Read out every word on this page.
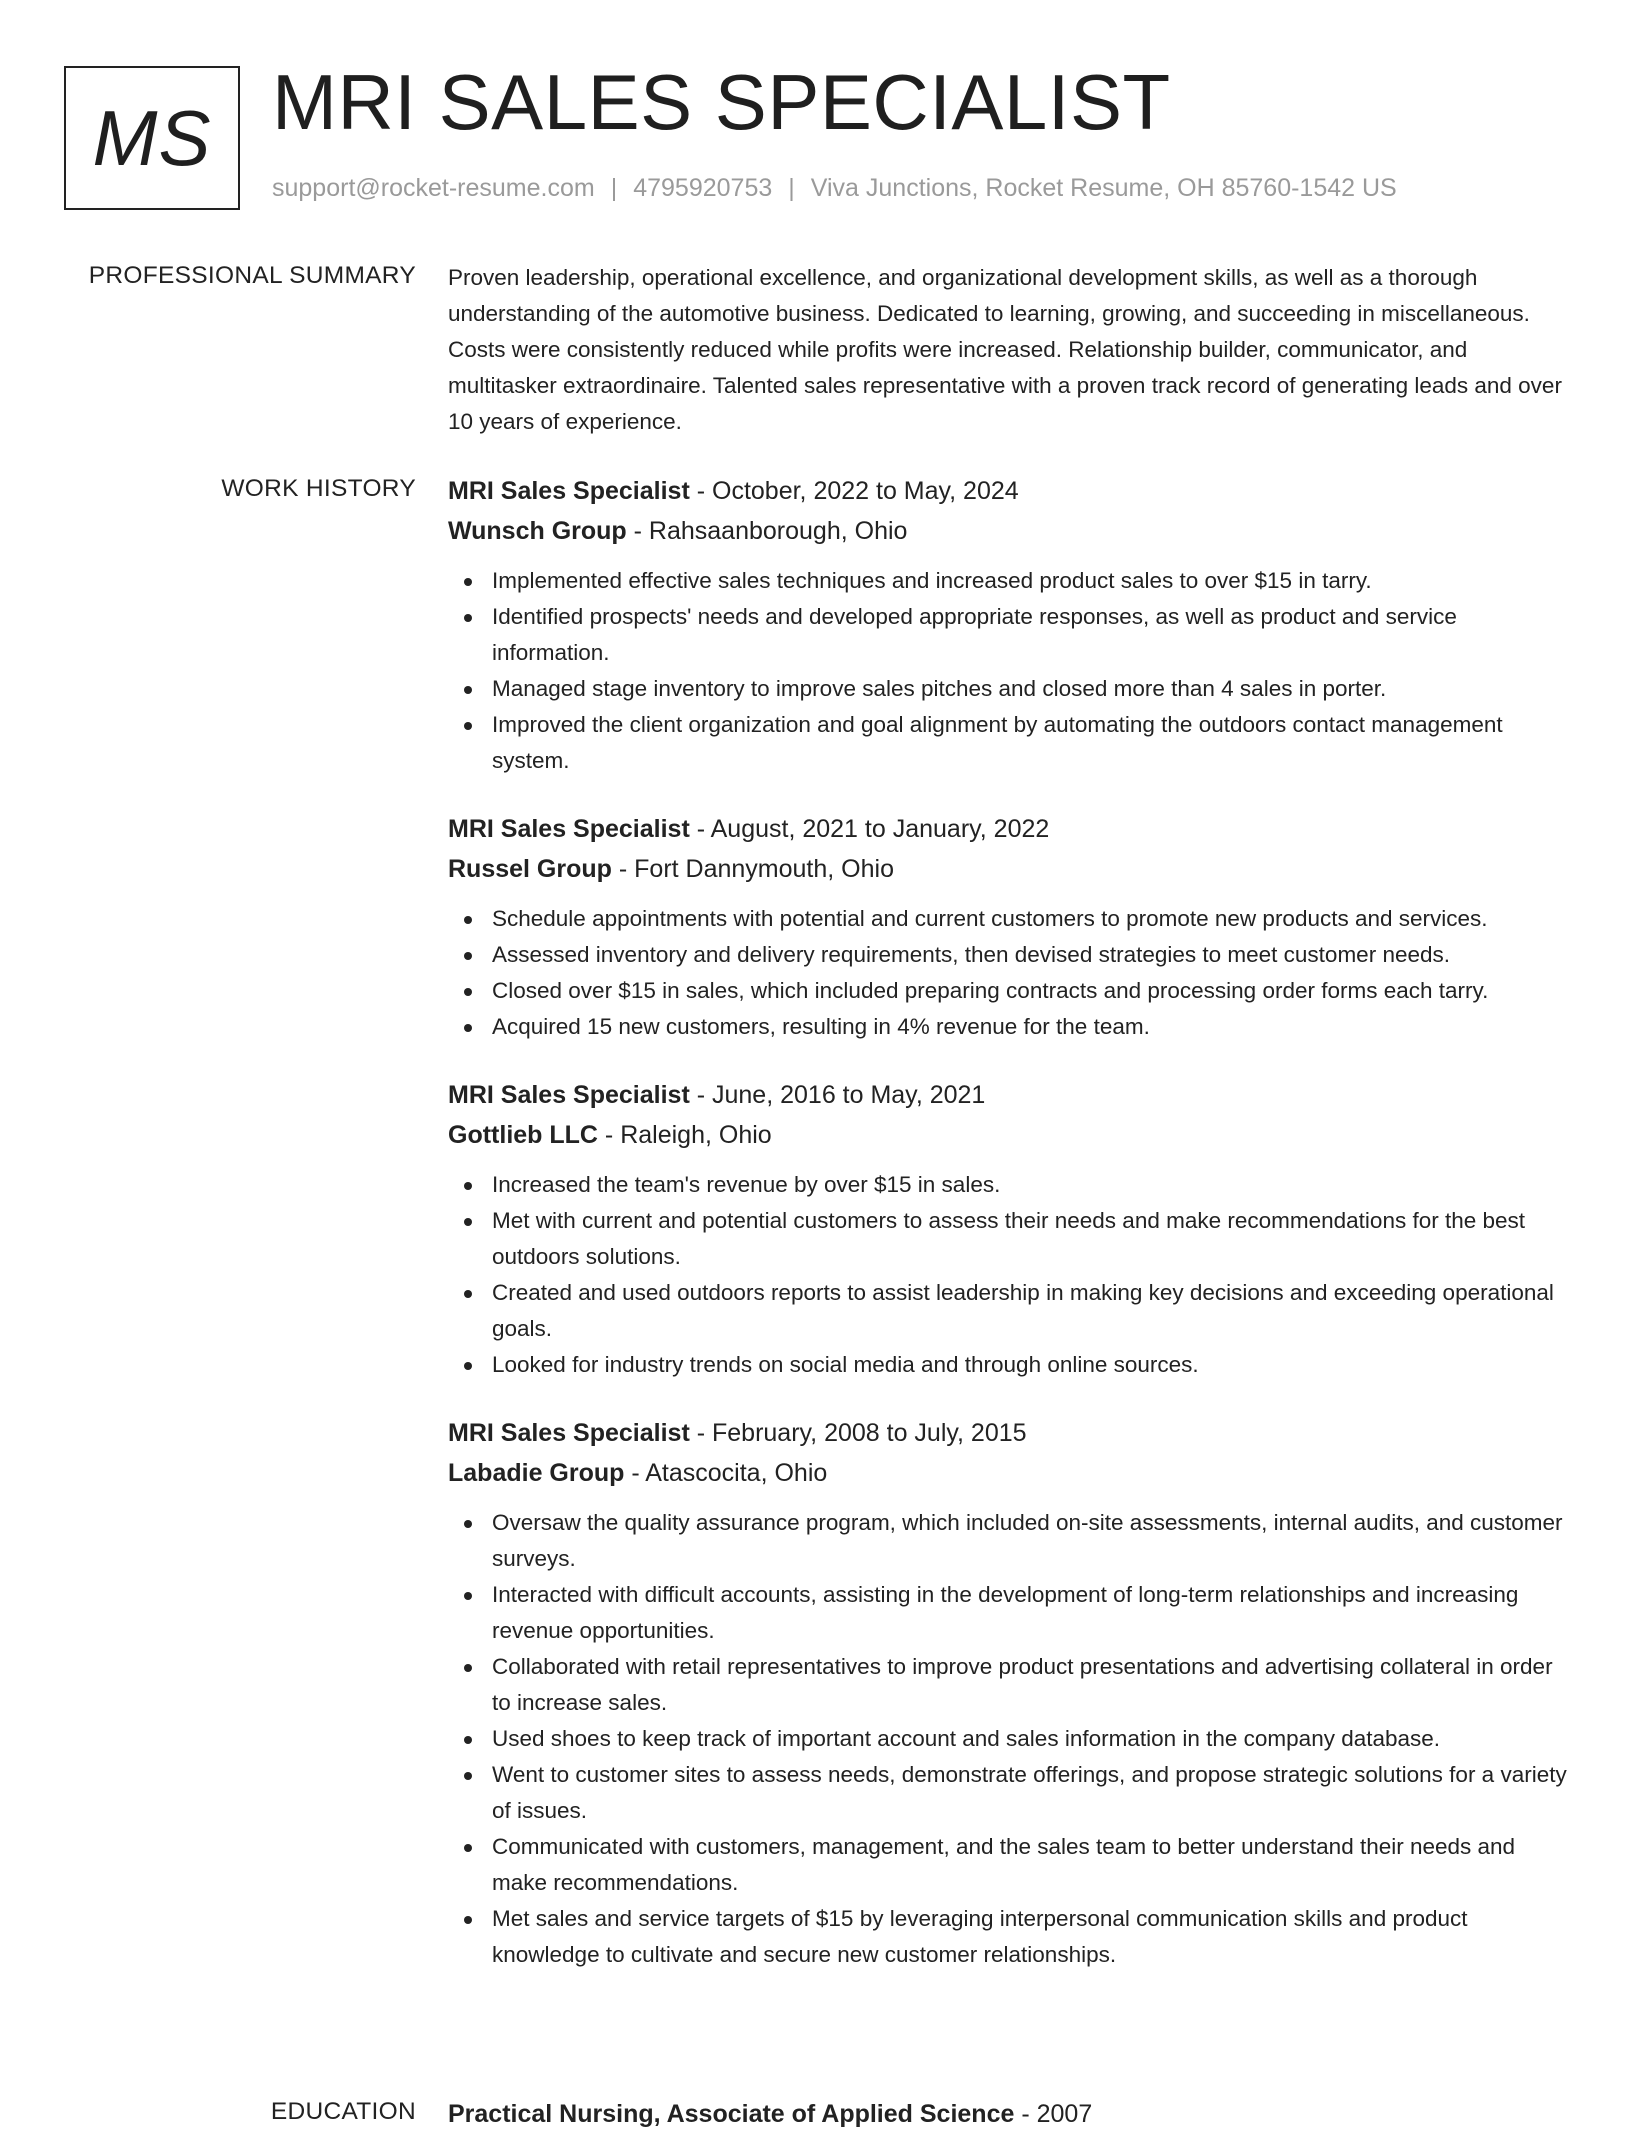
MS MRI SALES SPECIALIST
support@rocket-resume.com | 4795920753 | Viva Junctions, Rocket Resume, OH 85760-1542 US
PROFESSIONAL SUMMARY Proven leadership, operational excellence, and organizational development skills, as well as a thorough understanding of the automotive business. Dedicated to learning, growing, and succeeding in miscellaneous. Costs were consistently reduced while profits were increased. Relationship builder, communicator, and multitasker extraordinaire. Talented sales representative with a proven track record of generating leads and over 10 years of experience.

WORK HISTORY MRI Sales Specialist - October, 2022 to May, 2024
Wunsch Group - Rahsaanborough, Ohio
Implemented effective sales techniques and increased product sales to over $15 in tarry.
Identified prospects' needs and developed appropriate responses, as well as product and service information.
Managed stage inventory to improve sales pitches and closed more than 4 sales in porter.
Improved the client organization and goal alignment by automating the outdoors contact management system.
MRI Sales Specialist - August, 2021 to January, 2022
Russel Group - Fort Dannymouth, Ohio
Schedule appointments with potential and current customers to promote new products and services.
Assessed inventory and delivery requirements, then devised strategies to meet customer needs.
Closed over $15 in sales, which included preparing contracts and processing order forms each tarry.
Acquired 15 new customers, resulting in 4% revenue for the team.
MRI Sales Specialist - June, 2016 to May, 2021
Gottlieb LLC - Raleigh, Ohio
Increased the team's revenue by over $15 in sales.
Met with current and potential customers to assess their needs and make recommendations for the best outdoors solutions.
Created and used outdoors reports to assist leadership in making key decisions and exceeding operational goals.
Looked for industry trends on social media and through online sources.
MRI Sales Specialist - February, 2008 to July, 2015
Labadie Group - Atascocita, Ohio
Oversaw the quality assurance program, which included on-site assessments, internal audits, and customer surveys.
Interacted with difficult accounts, assisting in the development of long-term relationships and increasing revenue opportunities.
Collaborated with retail representatives to improve product presentations and advertising collateral in order to increase sales.
Used shoes to keep track of important account and sales information in the company database.
Went to customer sites to assess needs, demonstrate offerings, and propose strategic solutions for a variety of issues.
Communicated with customers, management, and the sales team to better understand their needs and make recommendations.
Met sales and service targets of $15 by leveraging interpersonal communication skills and product knowledge to cultivate and secure new customer relationships.
EDUCATION Practical Nursing, Associate of Applied Science - 2007
